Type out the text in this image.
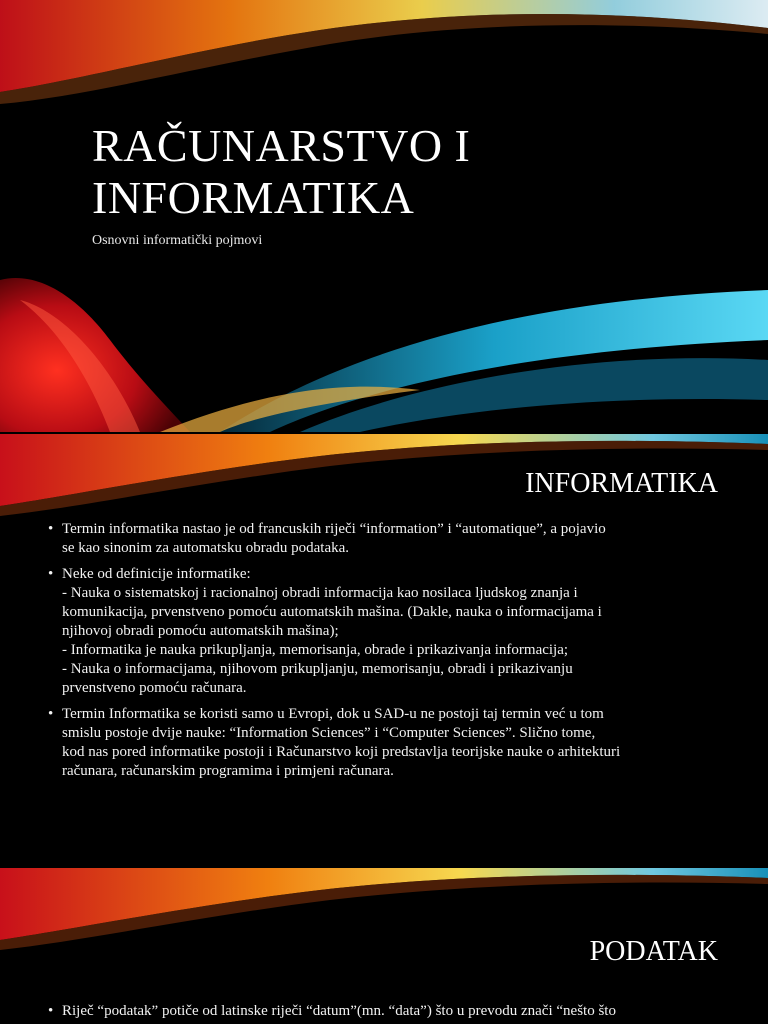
RAČUNARSTVO I
INFORMATIKA

Osnovni informatički pojmovi

INFORMATIKA
• Termin informatika nastao je od francuskih riječi “information” i “automatique”, a pojavio
se kao sinonim za automatsku obradu podataka.
• Neke od definicije informatike:
- Nauka o sistematskoj i racionalnoj obradi informacija kao nosilaca ljudskog znanja i
komunikacija, prvenstveno pomoću automatskih mašina. (Dakle, nauka o informacijama i
njihovoj obradi pomoću automatskih mašina);
- Informatika je nauka prikupljanja, memorisanja, obrade i prikazivanja informacija;
- Nauka o informacijama, njihovom prikupljanju, memorisanju, obradi i prikazivanju
prvenstveno pomoću računara.
• Termin Informatika se koristi samo u Evropi, dok u SAD-u ne postoji taj termin već u tom
smislu postoje dvije nauke: “Information Sciences” i “Computer Sciences”. Slično tome,
kod nas pored informatike postoji i Računarstvo koji predstavlja teorijske nauke o arhitekturi
računara, računarskim programima i primjeni računara.
PODATAK
• Riječ “podatak” potiče od latinske riječi “datum”(mn. “data”) što u prevodu znači “nešto što
